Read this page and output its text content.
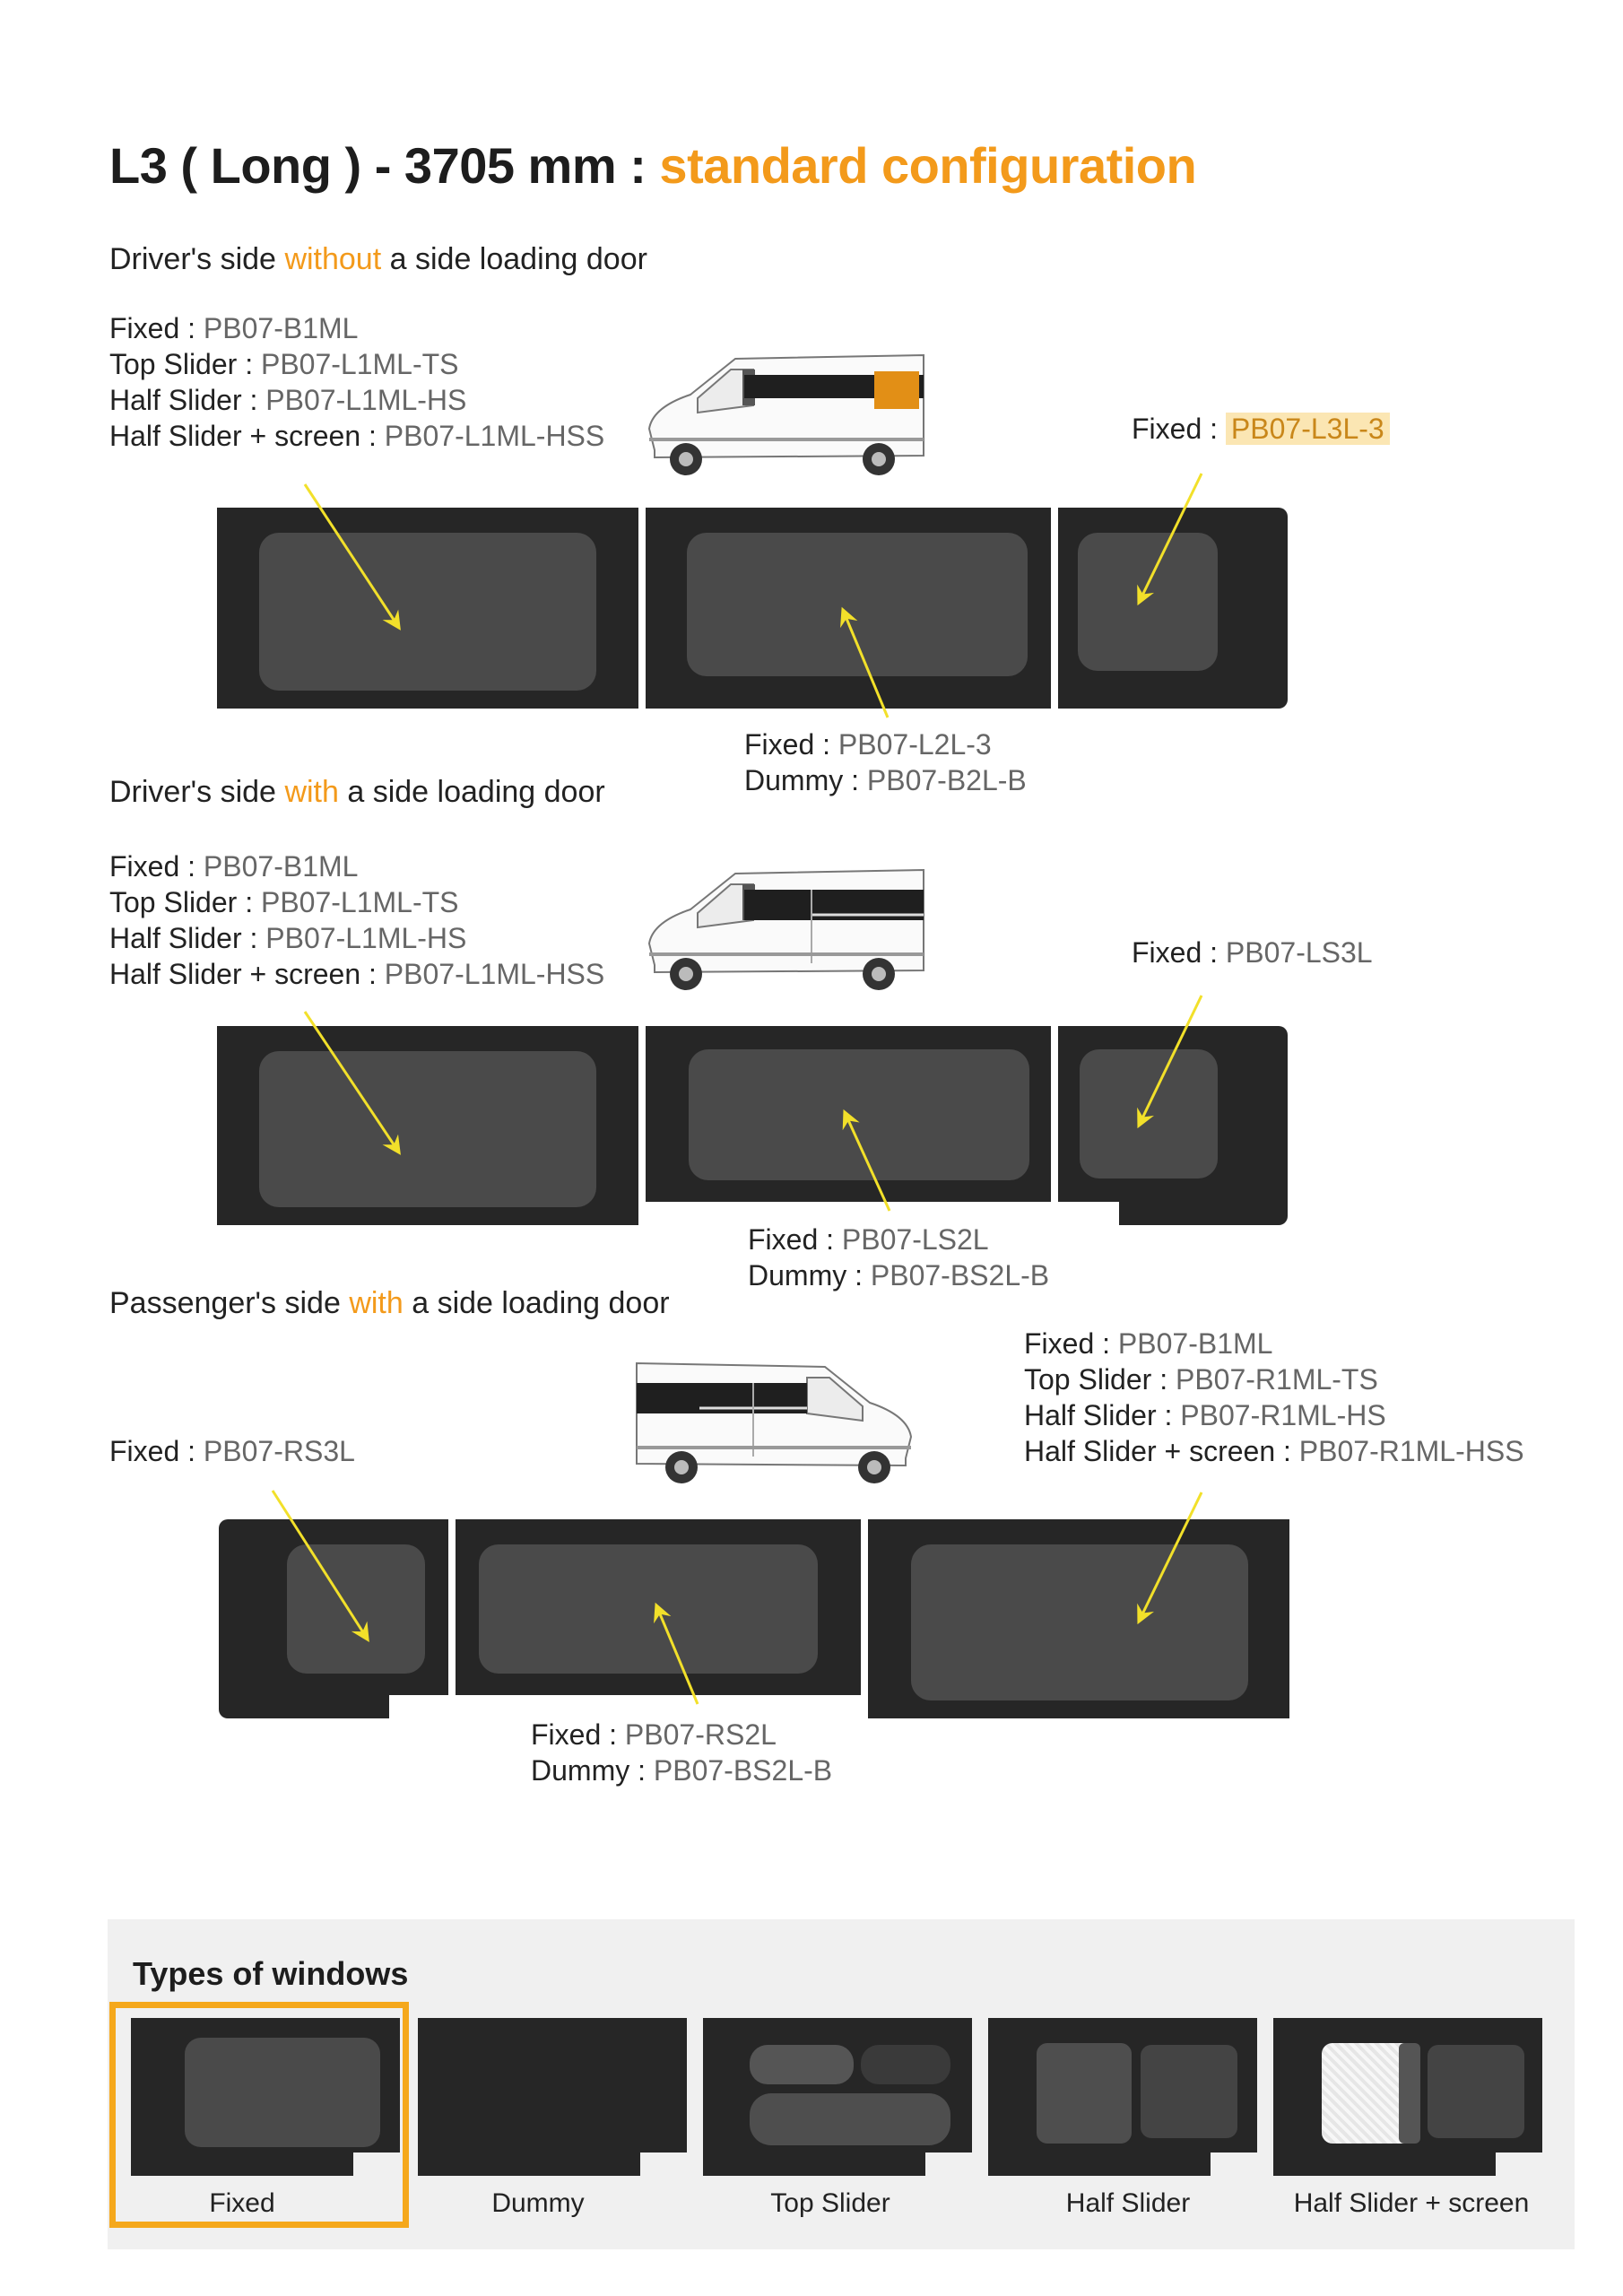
L3 ( Long ) - 3705 mm : standard configuration
Driver's side without a side loading door
Fixed : PB07-B1ML
Top Slider : PB07-L1ML-TS
Half Slider : PB07-L1ML-HS
Half Slider + screen : PB07-L1ML-HSS	Fixed : PB07-L3L-3
Fixed : PB07-L2L-3
Dummy : PB07-B2L-B
Driver's side with a side loading door
Fixed : PB07-B1ML
Top Slider : PB07-L1ML-TS
Half Slider : PB07-L1ML-HS
Half Slider + screen : PB07-L1ML-HSS
Fixed : PB07-LS3L
Fixed : PB07-LS2L
Dummy : PB07-BS2L-B
Passenger's side with a side loading door
Fixed : PB07-B1ML
Top Slider : PB07-R1ML-TS
Half Slider : PB07-R1ML-HS
Half Slider + screen : PB07-R1ML-HSS
Fixed : PB07-RS3L
Fixed : PB07-RS2L
Dummy : PB07-BS2L-B
Types of windows
Fixed	Dummy	Top Slider	Half Slider	Half Slider + screen
